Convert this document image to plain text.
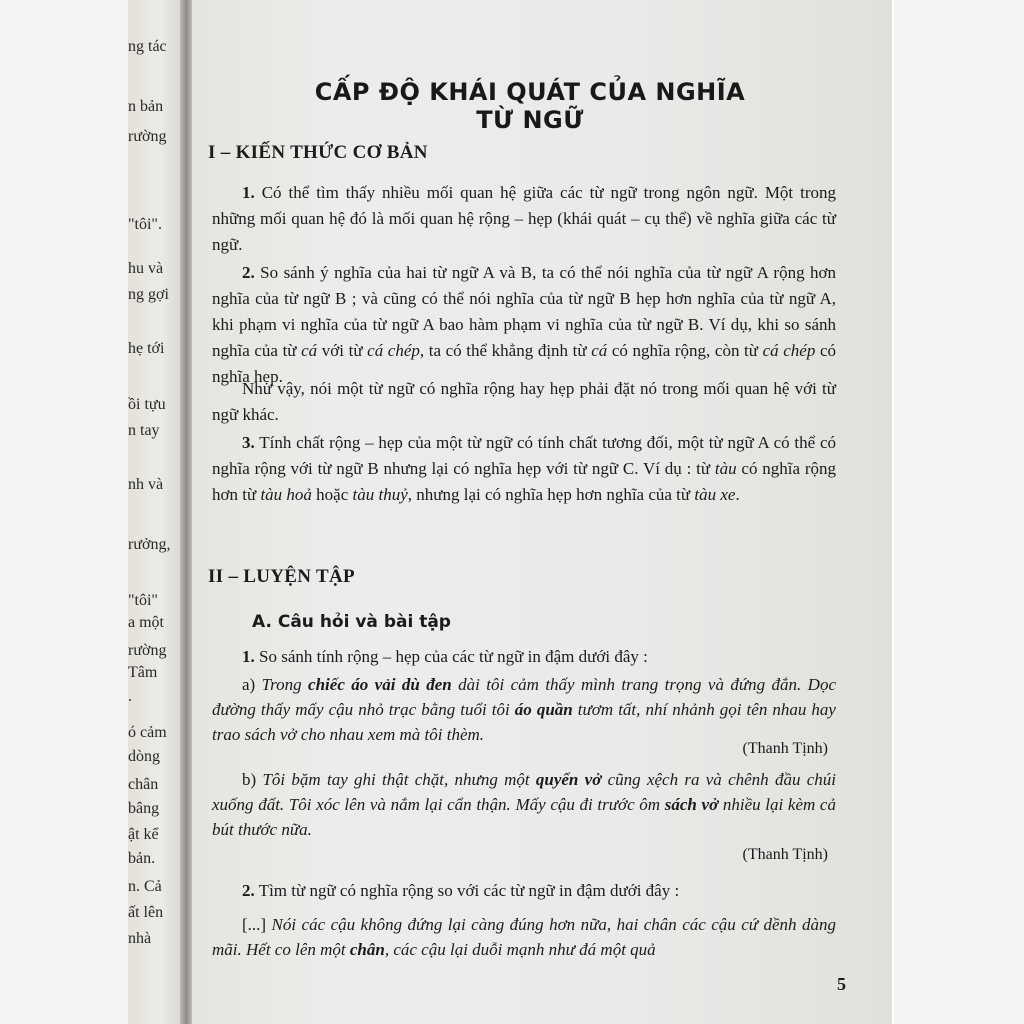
ng tác
n bản
rường
"tôi".
hu và
ng gợi
hẹ tới
ồi tựu
n tay
nh và
rưởng,
"tôi"
a một
rường
Tâm
.
ó cảm
dòng
chân
bâng
ật kể
bản.
n. Cả
ất lên
nhà
CẤP ĐỘ KHÁI QUÁT CỦA NGHĨA TỪ NGỮ
I – KIẾN THỨC CƠ BẢN
1. Có thể tìm thấy nhiều mối quan hệ giữa các từ ngữ trong ngôn ngữ. Một trong những mối quan hệ đó là mối quan hệ rộng – hẹp (khái quát – cụ thể) về nghĩa giữa các từ ngữ.
2. So sánh ý nghĩa của hai từ ngữ A và B, ta có thể nói nghĩa của từ ngữ A rộng hơn nghĩa của từ ngữ B ; và cũng có thể nói nghĩa của từ ngữ B hẹp hơn nghĩa của từ ngữ A, khi phạm vi nghĩa của từ ngữ A bao hàm phạm vi nghĩa của từ ngữ B. Ví dụ, khi so sánh nghĩa của từ cá với từ cá chép, ta có thể khẳng định từ cá có nghĩa rộng, còn từ cá chép có nghĩa hẹp.
Như vậy, nói một từ ngữ có nghĩa rộng hay hẹp phải đặt nó trong mối quan hệ với từ ngữ khác.
3. Tính chất rộng – hẹp của một từ ngữ có tính chất tương đối, một từ ngữ A có thể có nghĩa rộng với từ ngữ B nhưng lại có nghĩa hẹp với từ ngữ C. Ví dụ : từ tàu có nghĩa rộng hơn từ tàu hoả hoặc tàu thuỷ, nhưng lại có nghĩa hẹp hơn nghĩa của từ tàu xe.
II – LUYỆN TẬP
A. Câu hỏi và bài tập
1. So sánh tính rộng – hẹp của các từ ngữ in đậm dưới đây :
a) Trong chiếc áo vải dù đen dài tôi cảm thấy mình trang trọng và đứng đắn. Dọc đường thấy mấy cậu nhỏ trạc bằng tuổi tôi áo quần tươm tất, nhí nhảnh gọi tên nhau hay trao sách vở cho nhau xem mà tôi thèm.
(Thanh Tịnh)
b) Tôi bặm tay ghi thật chặt, nhưng một quyển vở cũng xệch ra và chênh đầu chúi xuống đất. Tôi xóc lên và nắm lại cẩn thận. Mấy cậu đi trước ôm sách vở nhiều lại kèm cả bút thước nữa.
(Thanh Tịnh)
2. Tìm từ ngữ có nghĩa rộng so với các từ ngữ in đậm dưới đây :
[...] Nói các cậu không đứng lại càng đúng hơn nữa, hai chân các cậu cứ dềnh dàng mãi. Hết co lên một chân, các cậu lại duỗi mạnh như đá một quả
5
